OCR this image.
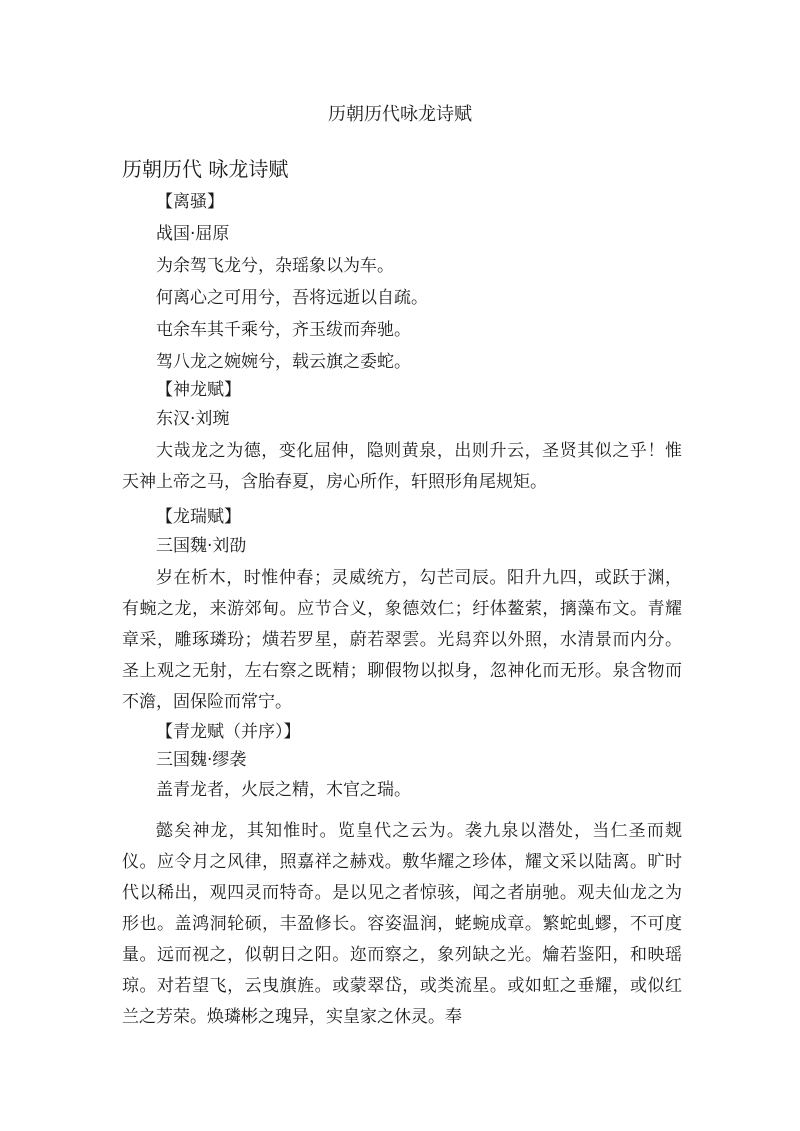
历朝历代咏龙诗赋
历朝历代 咏龙诗赋
【离骚】
战国·屈原
为余驾飞龙兮，杂瑶象以为车。
何离心之可用兮，吾将远逝以自疏。
屯余车其千乘兮，齐玉绂而奔驰。
驾八龙之婉婉兮，载云旗之委蛇。
【神龙赋】
东汉·刘琬

大哉龙之为德，变化屈伸，隐则黄泉，出则升云，圣贤其似之乎！惟天神上帝之马，含胎春夏，房心所作，轩照形角尾规矩。

【龙瑞赋】
三国魏·刘劭

岁在析木，时惟仲春；灵威统方，勾芒司辰。阳升九四，或跃于渊，有蜿之龙，来游郊甸。应节合义，象德效仁；纡体鳌萦，摛藻布文。青耀章采，雕琢璘玢；熿若罗星，蔚若翠雲。光舄弈以外照，水清景而内分。圣上观之无射，左右察之既精；聊假物以拟身，忽神化而无形。泉含物而不澹，固保险而常宁。

【青龙赋（并序）】
三国魏·缪袭
盖青龙者，火辰之精，木官之瑞。

懿矣神龙，其知惟时。览皇代之云为。袭九泉以潜处，当仁圣而觌仪。应令月之风律，照嘉祥之赫戏。敷华耀之珍体，耀文采以陆离。旷时代以稀出，观四灵而特奇。是以见之者惊骇，闻之者崩驰。观夫仙龙之为形也。盖鸿洞轮硕，丰盈修长。容姿温润，蛯蜿成章。繁蛇虬蟉，不可度量。远而视之，似朝日之阳。迩而察之，象列缺之光。爚若鉴阳，和映瑶琼。对若望飞，云曳旗旌。或蒙翠岱，或类流星。或如虹之垂耀，或似红兰之芳荣。焕璘彬之瑰异，实皇家之休灵。奉
